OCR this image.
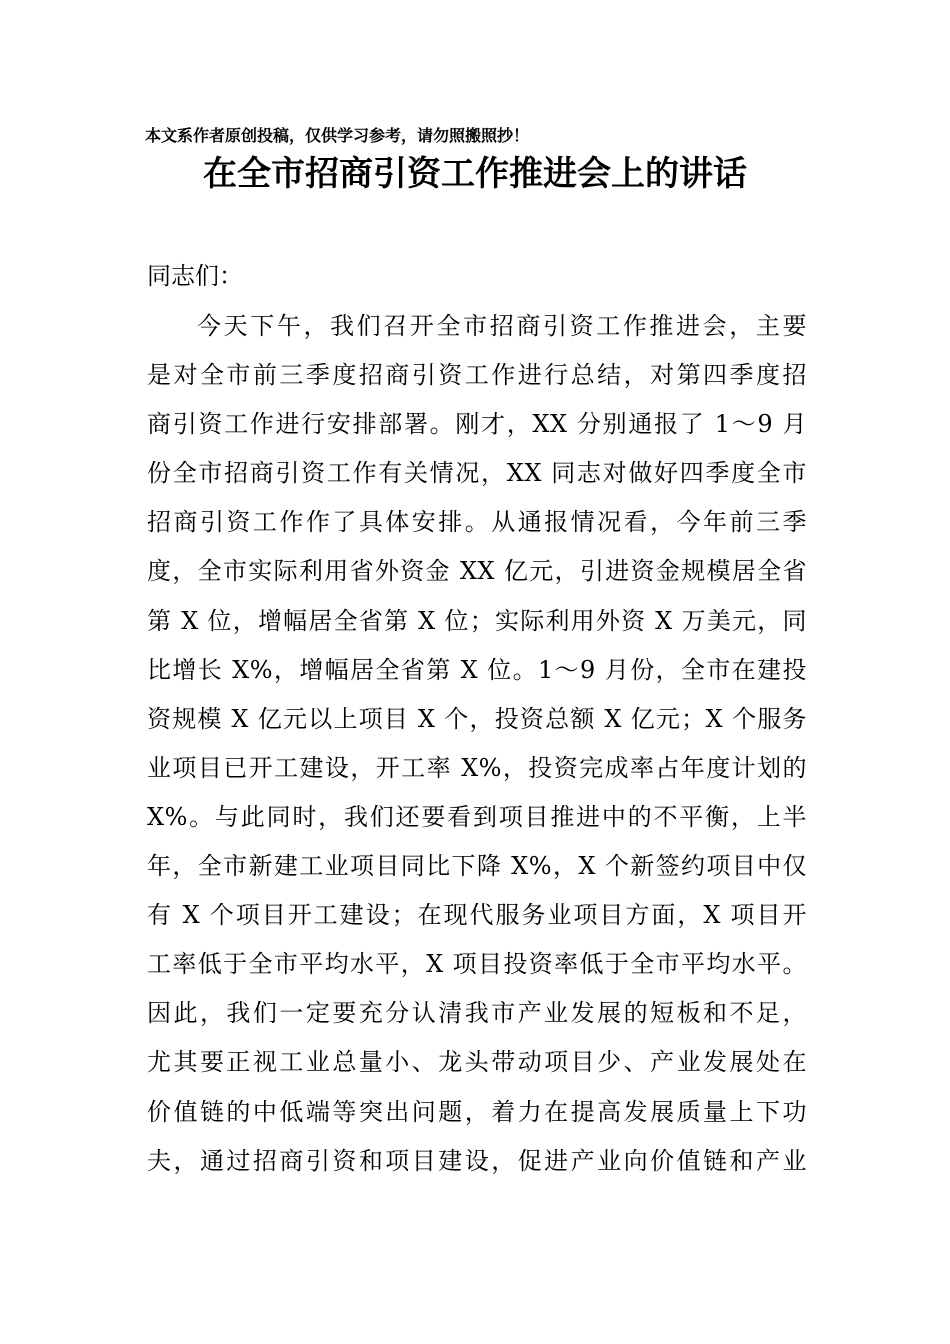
本文系作者原创投稿，仅供学习参考，请勿照搬照抄！
在全市招商引资工作推进会上的讲话
同志们：
今天下午，我们召开全市招商引资工作推进会，主要
是对全市前三季度招商引资工作进行总结，对第四季度招
商引资工作进行安排部署。刚才，XX 分别通报了 1～9 月
份全市招商引资工作有关情况，XX 同志对做好四季度全市
招商引资工作作了具体安排。从通报情况看，今年前三季
度，全市实际利用省外资金 XX 亿元，引进资金规模居全省
第 X 位，增幅居全省第 X 位；实际利用外资 X 万美元，同
比增长 X%，增幅居全省第 X 位。1～9 月份，全市在建投
资规模 X 亿元以上项目 X 个，投资总额 X 亿元；X 个服务
业项目已开工建设，开工率 X%，投资完成率占年度计划的
X%。与此同时，我们还要看到项目推进中的不平衡，上半
年，全市新建工业项目同比下降 X%，X 个新签约项目中仅
有 X 个项目开工建设；在现代服务业项目方面，X 项目开
工率低于全市平均水平，X 项目投资率低于全市平均水平。
因此，我们一定要充分认清我市产业发展的短板和不足，
尤其要正视工业总量小、龙头带动项目少、产业发展处在
价值链的中低端等突出问题，着力在提高发展质量上下功
夫，通过招商引资和项目建设，促进产业向价值链和产业
